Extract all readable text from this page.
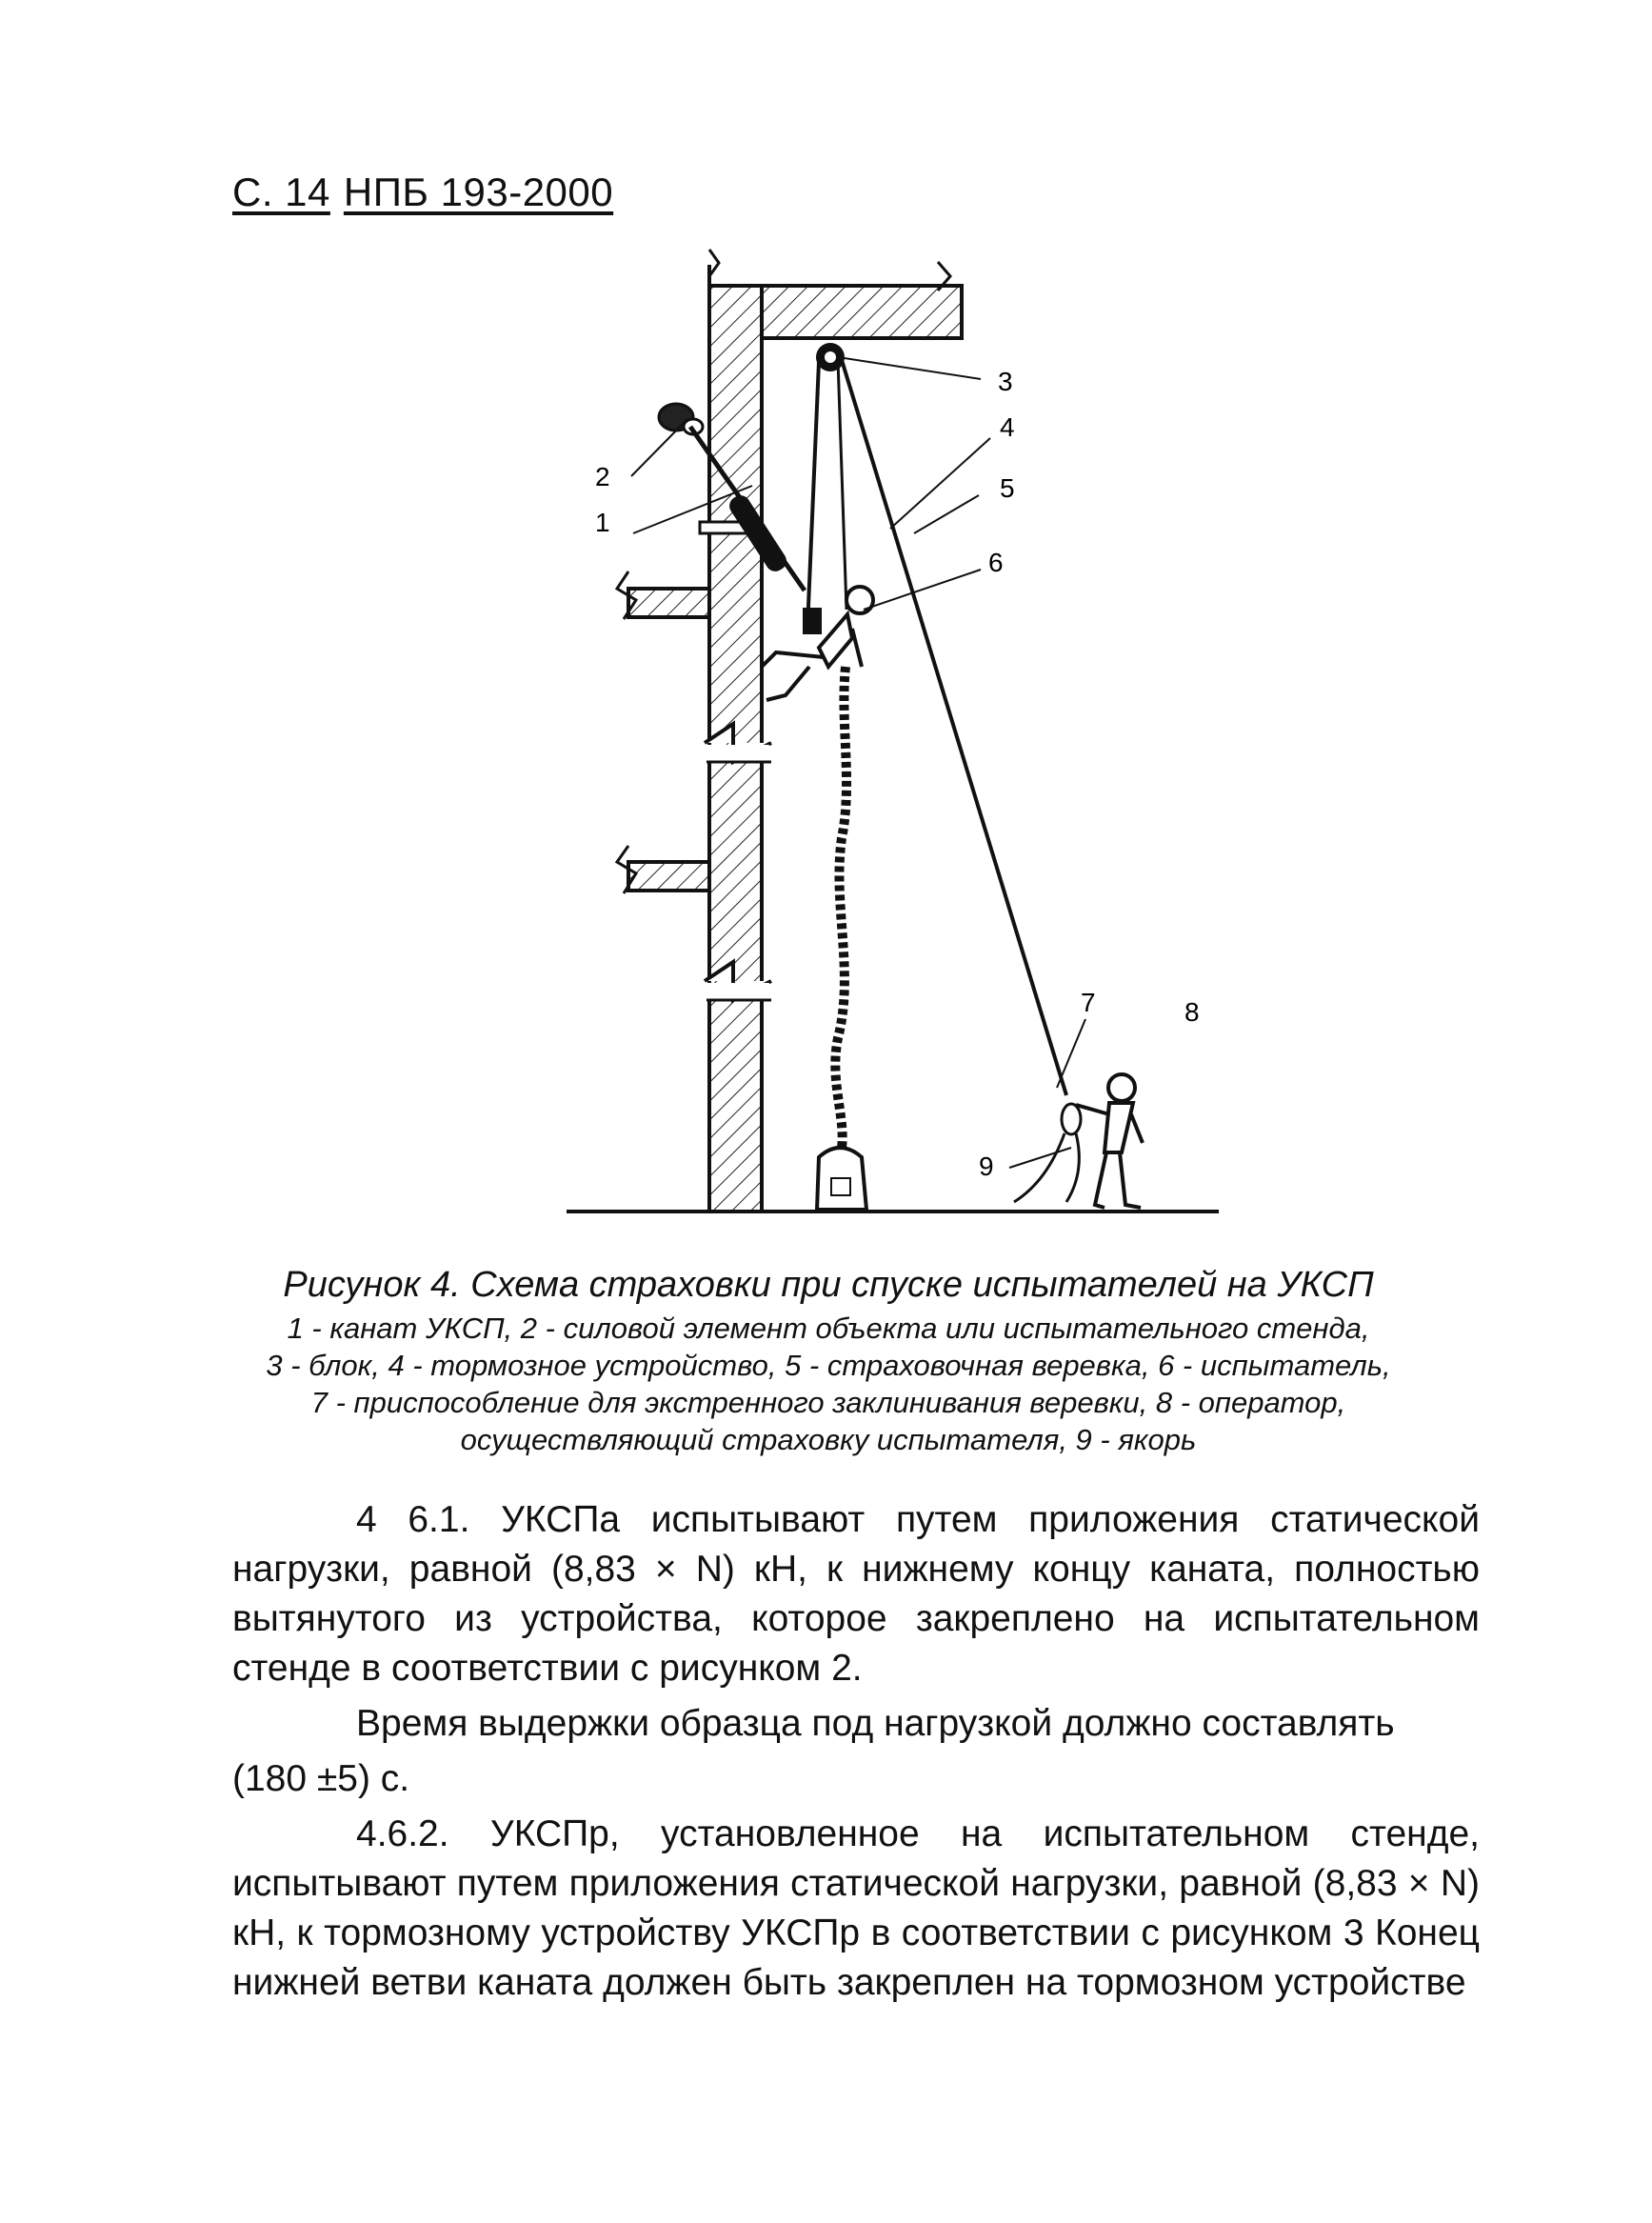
С. 14 НПБ 193-2000
1
2
3
4
5
6
7	8
9
Рисунок 4. Схема страховки при спуске испытателей на УКСП
1 - канат УКСП, 2 - силовой элемент объекта или испытательного стенда,
3 - блок, 4 - тормозное устройство, 5 - страховочная веревка, 6 - испытатель,
7 - приспособление для экстренного заклинивания веревки, 8 - оператор,
осуществляющий страховку испытателя, 9 - якорь

4 6.1. УКСПа испытывают путем приложения статической нагрузки, равной (8,83 × N) кН, к нижнему концу каната, полностью вытянутого из устройства, которое закреплено на испытательном стенде в соответствии с рисунком 2.

Время выдержки образца под нагрузкой должно составлять

(180 ±5) с.

4.6.2. УКСПр, установленное на испытательном стенде, испытывают путем приложения статической нагрузки, равной (8,83 × N) кН, к тормозному устройству УКСПр в соответствии с рисунком 3 Конец нижней ветви каната должен быть закреплен на тормозном устройстве
